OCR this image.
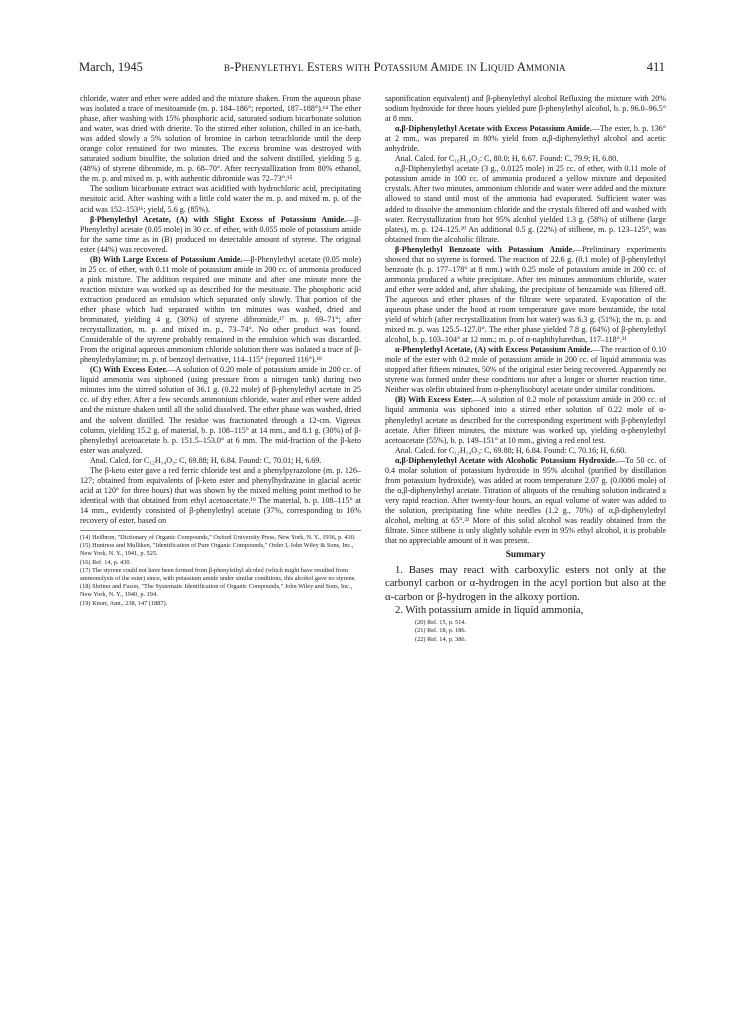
March, 1945	β-Phenylethyl Esters with Potassium Amide in Liquid Ammonia	411

chloride, water and ether were added and the mixture shaken. From the aqueous phase was isolated a trace of mesitoamide (m. p. 184–186°; reported, 187–188°).¹⁴ The ether phase, after washing with 15% phosphoric acid, saturated sodium bicarbonate solution and water, was dried with drierite. To the stirred ether solution, chilled in an ice-bath, was added slowly a 5% solution of bromine in carbon tetrachloride until the deep orange color remained for two minutes. The excess bromine was destroyed with saturated sodium bisulfite, the solution dried and the solvent distilled, yielding 5 g. (48%) of styrene dibromide, m. p. 68–70°. After recrystallization from 80% ethanol, the m. p. and mixed m. p. with authentic dibromide was 72–73°.¹⁵

The sodium bicarbonate extract was acidified with hydrochloric acid, precipitating mesitoic acid. After washing with a little cold water the m. p. and mixed m. p. of the acid was 152–153¹⁶; yield, 5.6 g. (85%).

β-Phenylethyl Acetate, (A) with Slight Excess of Potassium Amide.—β-Phenylethyl acetate (0.05 mole) in 30 cc. of ether, with 0.055 mole of potassium amide for the same time as in (B) produced no detectable amount of styrene. The original ester (44%) was recovered.

(B) With Large Excess of Potassium Amide.—β-Phenylethyl acetate (0.05 mole) in 25 cc. of ether, with 0.11 mole of potassium amide in 200 cc. of ammonia produced a pink mixture. The addition required one minute and after one minute more the reaction mixture was worked up as described for the mesitoate. The phosphoric acid extraction produced an emulsion which separated only slowly. That portion of the ether phase which had separated within ten minutes was washed, dried and brominated, yielding 4 g. (30%) of styrene dibromide,¹⁷ m. p. 69–71°; after recrystallization, m. p. and mixed m. p., 73–74°. No other product was found. Considerable of the styrene probably remained in the emulsion which was discarded. From the original aqueous ammonium chloride solution there was isolated a trace of β-phenylethylamine; m. p. of benzoyl derivative, 114–115° (reported 116°).¹⁸

(C) With Excess Ester.—A solution of 0.20 mole of potassium amide in 200 cc. of liquid ammonia was siphoned (using pressure from a nitrogen tank) during two minutes into the stirred solution of 36.1 g. (0.22 mole) of β-phenylethyl acetate in 25 cc. of dry ether. After a few seconds ammonium chloride, water and ether were added and the mixture shaken until all the solid dissolved. The ether phase was washed, dried and the solvent distilled. The residue was fractionated through a 12-cm. Vigreux column, yielding 15.2 g. of material, b. p. 108–115° at 14 mm., and 8.1 g. (30%) of β-phenylethyl acetoacetate b. p. 151.5–153.0° at 6 mm. The mid-fraction of the β-keto ester was analyzed.

Anal. Calcd. for C₁₂H₁₄O₃: C, 69.88; H, 6.84. Found: C, 70.01; H, 6.69.

The β-keto ester gave a red ferric chloride test and a phenylpyrazolone (m. p. 126–127; obtained from equivalents of β-keto ester and phenylhydrazine in glacial acetic acid at 120° for three hours) that was shown by the mixed melting point method to be identical with that obtained from ethyl acetoacetate.¹⁹ The material, b. p. 108–115° at 14 mm., evidently consisted of β-phenylethyl acetate (37%, corresponding to 16% recovery of ester, based on

(14) Heilbron, "Dictionary of Organic Compounds," Oxford University Press, New York, N. Y., 1936, p. 430.
(15) Huntress and Mulliken, "Identification of Pure Organic Compounds," Order I, John Wiley & Sons, Inc., New York, N. Y., 1941, p. 525.
(16) Ref. 14, p. 430.
(17) The styrene could not have been formed from β-phenylethyl alcohol (which might have resulted from ammonolysis of the ester) since, with potassium amide under similar conditions, this alcohol gave no styrene.
(18) Shriner and Fuson, "The Systematic Identification of Organic Compounds," John Wiley and Sons, Inc., New York, N. Y., 1940, p. 194.
(19) Knorr, Ann., 238, 147 (1887).

saponification equivalent) and β-phenylethyl alcohol Refluxing the mixture with 20% sodium hydroxide for three hours yielded pure β-phenylethyl alcohol, b. p. 96.0–96.5° at 8 mm.

α,β-Diphenylethyl Acetate with Excess Potassium Amide.—The ester, b. p. 136° at 2 mm., was prepared in 80% yield from α,β-diphenylethyl alcohol and acetic anhydride.

Anal. Calcd. for C₁₆H₁₆O₂: C, 80.0; H, 6.67. Found: C, 79.9; H, 6.80.

α,β-Diphenylethyl acetate (3 g., 0.0125 mole) in 25 cc. of ether, with 0.11 mole of potassium amide in 100 cc. of ammonia produced a yellow mixture and deposited crystals. After two minutes, ammonium chloride and water were added and the mixture allowed to stand until most of the ammonia had evaporated. Sufficient water was added to dissolve the ammonium chloride and the crystals filtered off and washed with water. Recrystallization from hot 95% alcohol yielded 1.3 g. (58%) of stilbene (large plates), m. p. 124–125.²⁰ An additional 0.5 g. (22%) of stilbene, m. p. 123–125°, was obtained from the alcoholic filtrate.

β-Phenylethyl Benzoate with Potassium Amide.—Preliminary experiments showed that no styrene is formed. The reaction of 22.6 g. (0.1 mole) of β-phenylethyl benzoate (b. p. 177–178° at 8 mm.) with 0.25 mole of potassium amide in 200 cc. of ammonia produced a white precipitate. After ten minutes ammonium chloride, water and ether were added and, after shaking, the precipitate of benzamide was filtered off. The aqueous and ether phases of the filtrate were separated. Evaporation of the aqueous phase under the hood at room temperature gave more benzamide, the total yield of which (after recrystallization from hot water) was 6.3 g. (51%); the m. p. and mixed m. p. was 125.5–127.0°. The ether phase yielded 7.8 g. (64%) of β-phenylethyl alcohol, b. p. 103–104° at 12 mm.; m. p. of α-naphthylurethan, 117–118°.²¹

α-Phenylethyl Acetate, (A) with Excess Potassium Amide.—The reaction of 0.10 mole of the ester with 0.2 mole of potassium amide in 200 cc. of liquid ammonia was stopped after fifteen minutes, 50% of the original ester being recovered. Apparently no styrene was formed under these conditions nor after a longer or shorter reaction time. Neither was olefin obtained from α-phenylisobutyl acetate under similar conditions.

(B) With Excess Ester.—A solution of 0.2 mole of potassium amide in 200 cc. of liquid ammonia was siphoned into a stirred ether solution of 0.22 mole of α-phenylethyl acetate as described for the corresponding experiment with β-phenylethyl acetate. After fifteen minutes, the mixture was worked up, yielding α-phenylethyl acetoacetate (55%), b. p. 149–151° at 10 mm., giving a red enol test.

Anal. Calcd. for C₁₂H₁₄O₃: C, 69.88; H, 6.84. Found: C, 70.16; H, 6.60.

α,β-Diphenylethyl Acetate with Alcoholic Potassium Hydroxide.—To 50 cc. of 0.4 molar solution of potassium hydroxide in 95% alcohol (purified by distillation from potassium hydroxide), was added at room temperature 2.07 g. (0.0086 mole) of the α,β-diphenylethyl acetate. Titration of aliquots of the resulting solution indicated a very rapid reaction. After twenty-four hours, an equal volume of water was added to the solution, precipitating fine white needles (1.2 g., 70%) of α,β-diphenylethyl alcohol, melting at 65°.²² More of this solid alcohol was readily obtained from the filtrate. Since stilbene is only slightly soluble even in 95% ethyl alcohol, it is probable that no appreciable amount of it was present.

Summary

1. Bases may react with carboxylic esters not only at the carbonyl carbon or α-hydrogen in the acyl portion but also at the α-carbon or β-hydrogen in the alkoxy portion.

2. With potassium amide in liquid ammonia,

(20) Ref. 15, p. 514.
(21) Ref. 18, p. 186.
(22) Ref. 14, p. 386.
